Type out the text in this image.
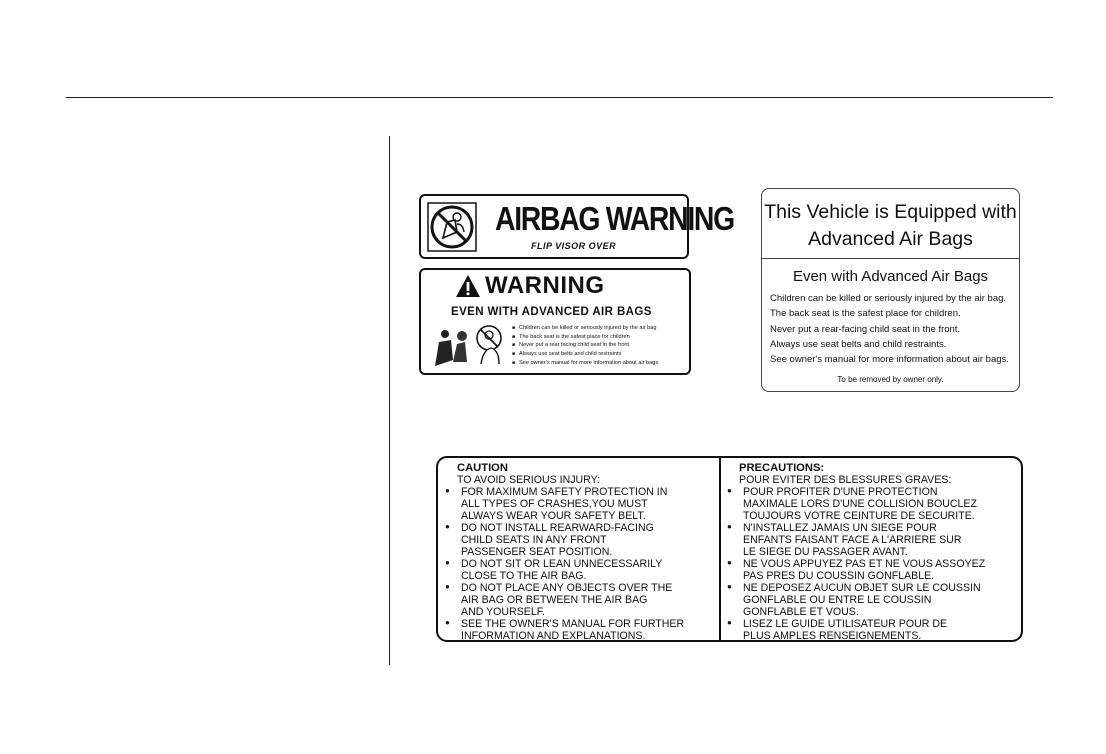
AIRBAG WARNING
FLIP VISOR OVER
WARNING
EVEN WITH ADVANCED AIR BAGS
■ Children can be killed or seriously injured by the air bag
■ The back seat is the safest place for children
■ Never put a rear facing child seat in the front
■ Always use seat belts and child restraints
■ See owner's manual for more information about air bags
This Vehicle is Equipped with
Advanced Air Bags
Even with Advanced Air Bags
Children can be killed or seriously injured by the air bag.
The back seat is the safest place for children.
Never put a rear-facing child seat in the front.
Always use seat belts and child restraints.
See owner's manual for more information about air bags.
To be removed by owner only.
CAUTION
TO AVOID SERIOUS INJURY:
● FOR MAXIMUM SAFETY PROTECTION IN
ALL TYPES OF CRASHES,YOU MUST
ALWAYS WEAR YOUR SAFETY BELT.
● DO NOT INSTALL REARWARD-FACING
CHILD SEATS IN ANY FRONT
PASSENGER SEAT POSITION.
● DO NOT SIT OR LEAN UNNECESSARILY
CLOSE TO THE AIR BAG.
● DO NOT PLACE ANY OBJECTS OVER THE
AIR BAG OR BETWEEN THE AIR BAG
AND YOURSELF.
● SEE THE OWNER'S MANUAL FOR FURTHER
INFORMATION AND EXPLANATIONS.
PRECAUTIONS:
POUR EVITER DES BLESSURES GRAVES:
● POUR PROFITER D'UNE PROTECTION
MAXIMALE LORS D'UNE COLLISION BOUCLEZ
TOUJOURS VOTRE CEINTURE DE SECURITE.
● N'INSTALLEZ JAMAIS UN SIEGE POUR
ENFANTS FAISANT FACE A L'ARRIERE SUR
LE SIEGE DU PASSAGER AVANT.
● NE VOUS APPUYEZ PAS ET NE VOUS ASSOYEZ
PAS PRES DU COUSSIN GONFLABLE.
● NE DEPOSEZ AUCUN OBJET SUR LE COUSSIN
GONFLABLE OU ENTRE LE COUSSIN
GONFLABLE ET VOUS.
● LISEZ LE GUIDE UTILISATEUR POUR DE
PLUS AMPLES RENSEIGNEMENTS.
